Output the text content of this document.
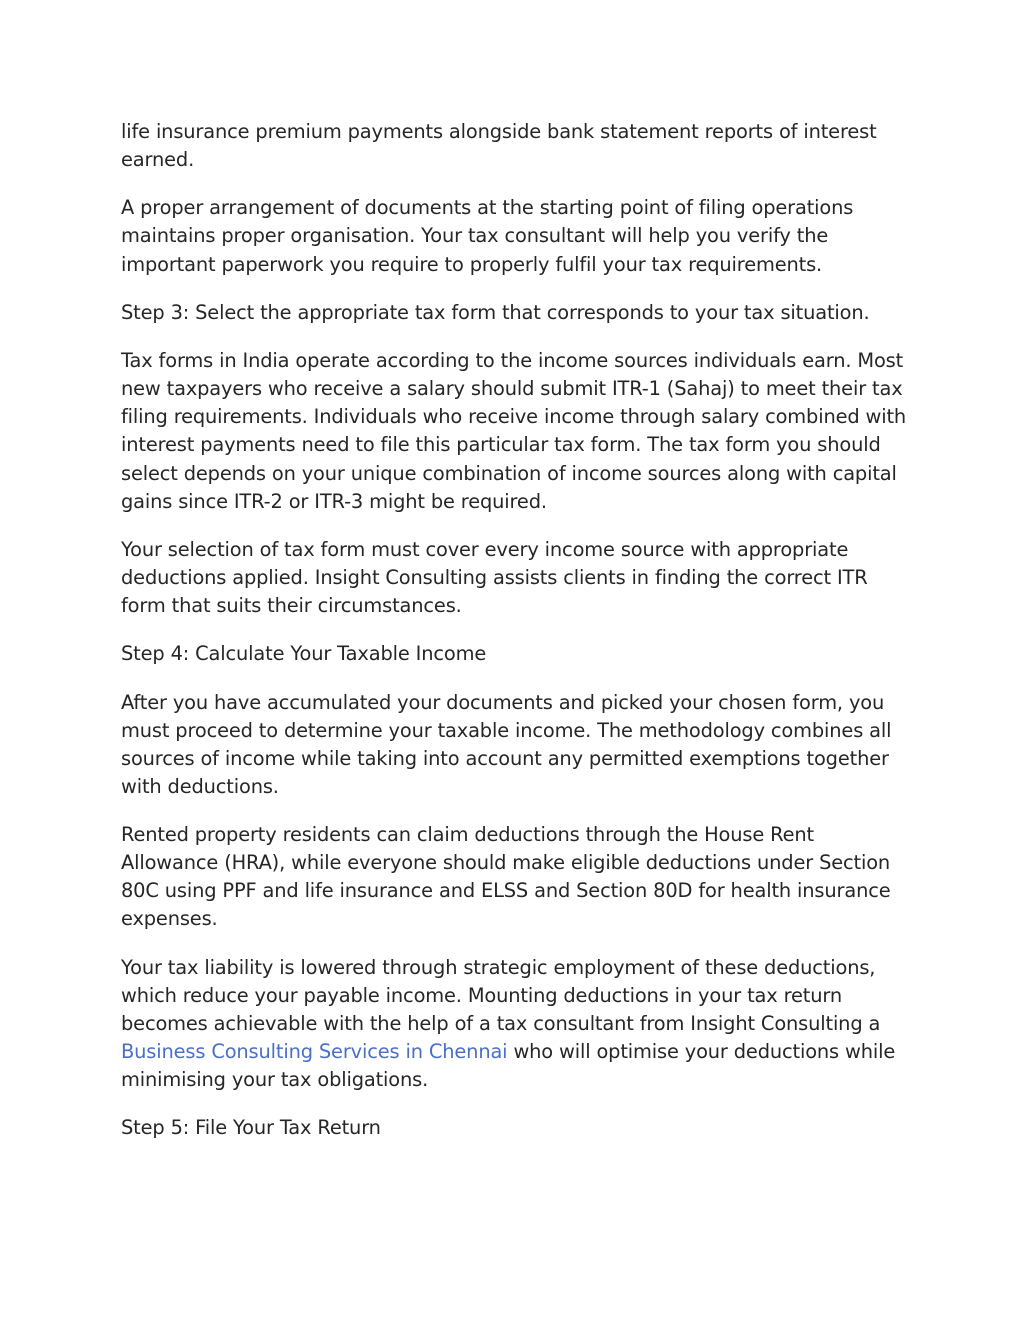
life insurance premium payments alongside bank statement reports of interest earned.

A proper arrangement of documents at the starting point of filing operations maintains proper organisation. Your tax consultant will help you verify the important paperwork you require to properly fulfil your tax requirements.

Step 3: Select the appropriate tax form that corresponds to your tax situation.

Tax forms in India operate according to the income sources individuals earn. Most new taxpayers who receive a salary should submit ITR-1 (Sahaj) to meet their tax filing requirements. Individuals who receive income through salary combined with interest payments need to file this particular tax form. The tax form you should select depends on your unique combination of income sources along with capital gains since ITR-2 or ITR-3 might be required.

Your selection of tax form must cover every income source with appropriate deductions applied. Insight Consulting assists clients in finding the correct ITR form that suits their circumstances.

Step 4: Calculate Your Taxable Income

After you have accumulated your documents and picked your chosen form, you must proceed to determine your taxable income. The methodology combines all sources of income while taking into account any permitted exemptions together with deductions.

Rented property residents can claim deductions through the House Rent Allowance (HRA), while everyone should make eligible deductions under Section 80C using PPF and life insurance and ELSS and Section 80D for health insurance expenses.

Your tax liability is lowered through strategic employment of these deductions, which reduce your payable income. Mounting deductions in your tax return becomes achievable with the help of a tax consultant from Insight Consulting a Business Consulting Services in Chennai who will optimise your deductions while minimising your tax obligations.

Step 5: File Your Tax Return
